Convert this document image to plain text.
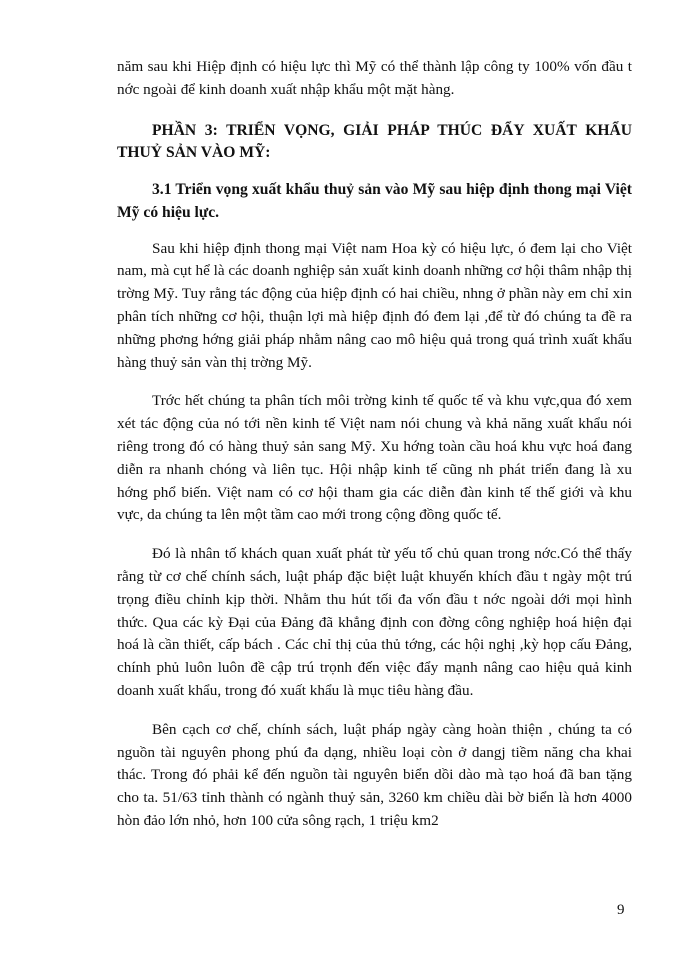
năm sau khi Hiệp định có hiệu lực thì Mỹ có thể thành lập công ty 100% vốn đầu t nớc ngoài để kinh doanh xuất nhập khẩu một mặt hàng.

PHẦN 3: TRIỂN VỌNG, GIẢI PHÁP THÚC ĐẨY XUẤT KHẨU THUỶ SẢN VÀO MỸ:

3.1 Triển vọng xuất khẩu thuỷ sản vào Mỹ sau hiệp định thong mại Việt Mỹ có hiệu lực.

Sau khi hiệp định thong mại Việt nam Hoa kỳ có hiệu lực, ó đem lại cho Việt nam, mà cụt hể là các doanh nghiệp sản xuất kinh doanh những cơ hội thâm nhập thị trờng Mỹ. Tuy rằng tác động của hiệp định có hai chiều, nhng ở phần này em chỉ xin phân tích những cơ hội, thuận lợi mà hiệp định đó đem lại ,để từ đó chúng ta đề ra những phơng hớng giải pháp nhằm nâng cao mô hiệu quả trong quá trình xuất khẩu hàng thuỷ sản vàn thị trờng Mỹ.

Trớc hết chúng ta phân tích môi trờng kinh tế quốc tế và khu vực,qua đó xem xét tác động của nó tới nền kinh tế Việt nam nói chung và khả năng xuất khẩu nói riêng trong đó có hàng thuỷ sản sang Mỹ. Xu hớng toàn cầu hoá khu vực hoá đang diễn ra nhanh chóng và liên tục. Hội nhập kinh tế cũng nh phát triển đang là xu hớng phổ biến. Việt nam có cơ hội tham gia các diễn đàn kinh tế thế giới và khu vực, da chúng ta lên một tầm cao mới trong cộng đồng quốc tế.

Đó là nhân tố khách quan xuất phát từ yếu tố chủ quan trong nớc.Có thể thấy rằng từ cơ chế chính sách, luật pháp đặc biệt luật khuyến khích đầu t ngày một trú trọng điều chỉnh kịp thời. Nhằm thu hút tối đa vốn đầu t nớc ngoài dới mọi hình thức. Qua các kỳ Đại của Đảng đã khẳng định con đờng công nghiệp hoá hiện đại hoá là cần thiết, cấp bách . Các chỉ thị của thủ tớng, các hội nghị ,kỳ họp cấu Đảng, chính phủ luôn luôn đề cập trú trọnh đến việc đẩy mạnh nâng cao hiệu quả kinh doanh xuất khẩu, trong đó xuất khẩu là mục tiêu hàng đầu.

Bên cạch cơ chế, chính sách, luật pháp ngày càng hoàn thiện , chúng ta có nguồn tài nguyên phong phú đa dạng, nhiều loại còn ở dangj tiềm năng cha khai thác. Trong đó phải kể đến nguồn tài nguyên biển dồi dào mà tạo hoá đã ban tặng cho ta. 51/63 tỉnh thành có ngành thuỷ sản, 3260 km chiều dài bờ biển là hơn 4000 hòn đảo lớn nhỏ, hơn 100 cửa sông rạch, 1 triệu km2

9
